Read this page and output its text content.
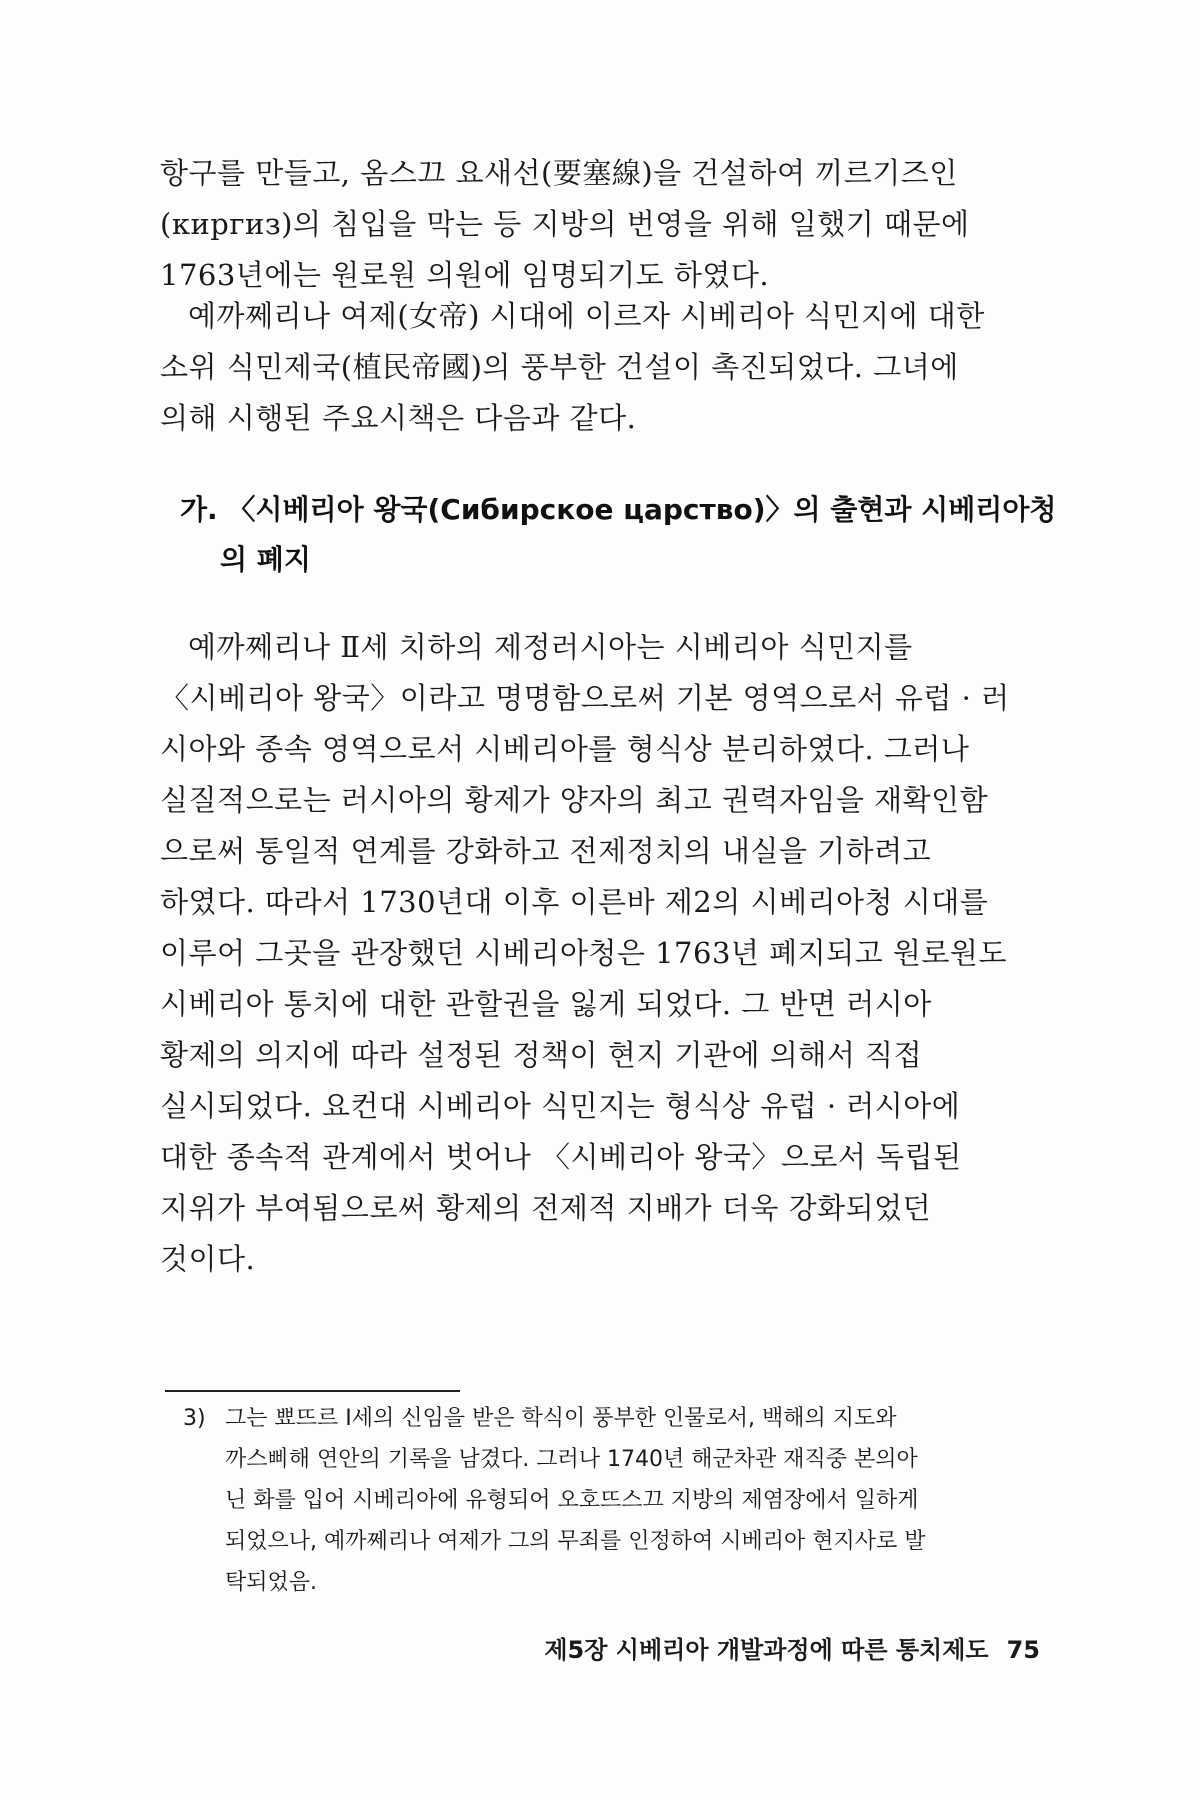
항구를 만들고, 옴스끄 요새선(要塞線)을 건설하여 끼르기즈인
(киргиз)의 침입을 막는 등 지방의 번영을 위해 일했기 때문에
1763년에는 원로원 의원에 임명되기도 하였다.
예까쩨리나 여제(女帝) 시대에 이르자 시베리아 식민지에 대한
소위 식민제국(植民帝國)의 풍부한 건설이 촉진되었다. 그녀에
의해 시행된 주요시책은 다음과 같다.
가. 〈시베리아 왕국(Сибирское царство)〉의 출현과 시베리아청
의 폐지
예까쩨리나 Ⅱ세 치하의 제정러시아는 시베리아 식민지를
〈시베리아 왕국〉이라고 명명함으로써 기본 영역으로서 유럽 · 러
시아와 종속 영역으로서 시베리아를 형식상 분리하였다. 그러나
실질적으로는 러시아의 황제가 양자의 최고 권력자임을 재확인함
으로써 통일적 연계를 강화하고 전제정치의 내실을 기하려고
하였다. 따라서 1730년대 이후 이른바 제2의 시베리아청 시대를
이루어 그곳을 관장했던 시베리아청은 1763년 폐지되고 원로원도
시베리아 통치에 대한 관할권을 잃게 되었다. 그 반면 러시아
황제의 의지에 따라 설정된 정책이 현지 기관에 의해서 직접
실시되었다. 요컨대 시베리아 식민지는 형식상 유럽 · 러시아에
대한 종속적 관계에서 벗어나 〈시베리아 왕국〉으로서 독립된
지위가 부여됨으로써 황제의 전제적 지배가 더욱 강화되었던
것이다.
3) 그는 뾰뜨르 I세의 신임을 받은 학식이 풍부한 인물로서, 백해의 지도와
까스삐해 연안의 기록을 남겼다. 그러나 1740년 해군차관 재직중 본의아
닌 화를 입어 시베리아에 유형되어 오호뜨스끄 지방의 제염장에서 일하게
되었으나, 예까쩨리나 여제가 그의 무죄를 인정하여 시베리아 현지사로 발
탁되었음.
제5장 시베리아 개발과정에 따른 통치제도 75
